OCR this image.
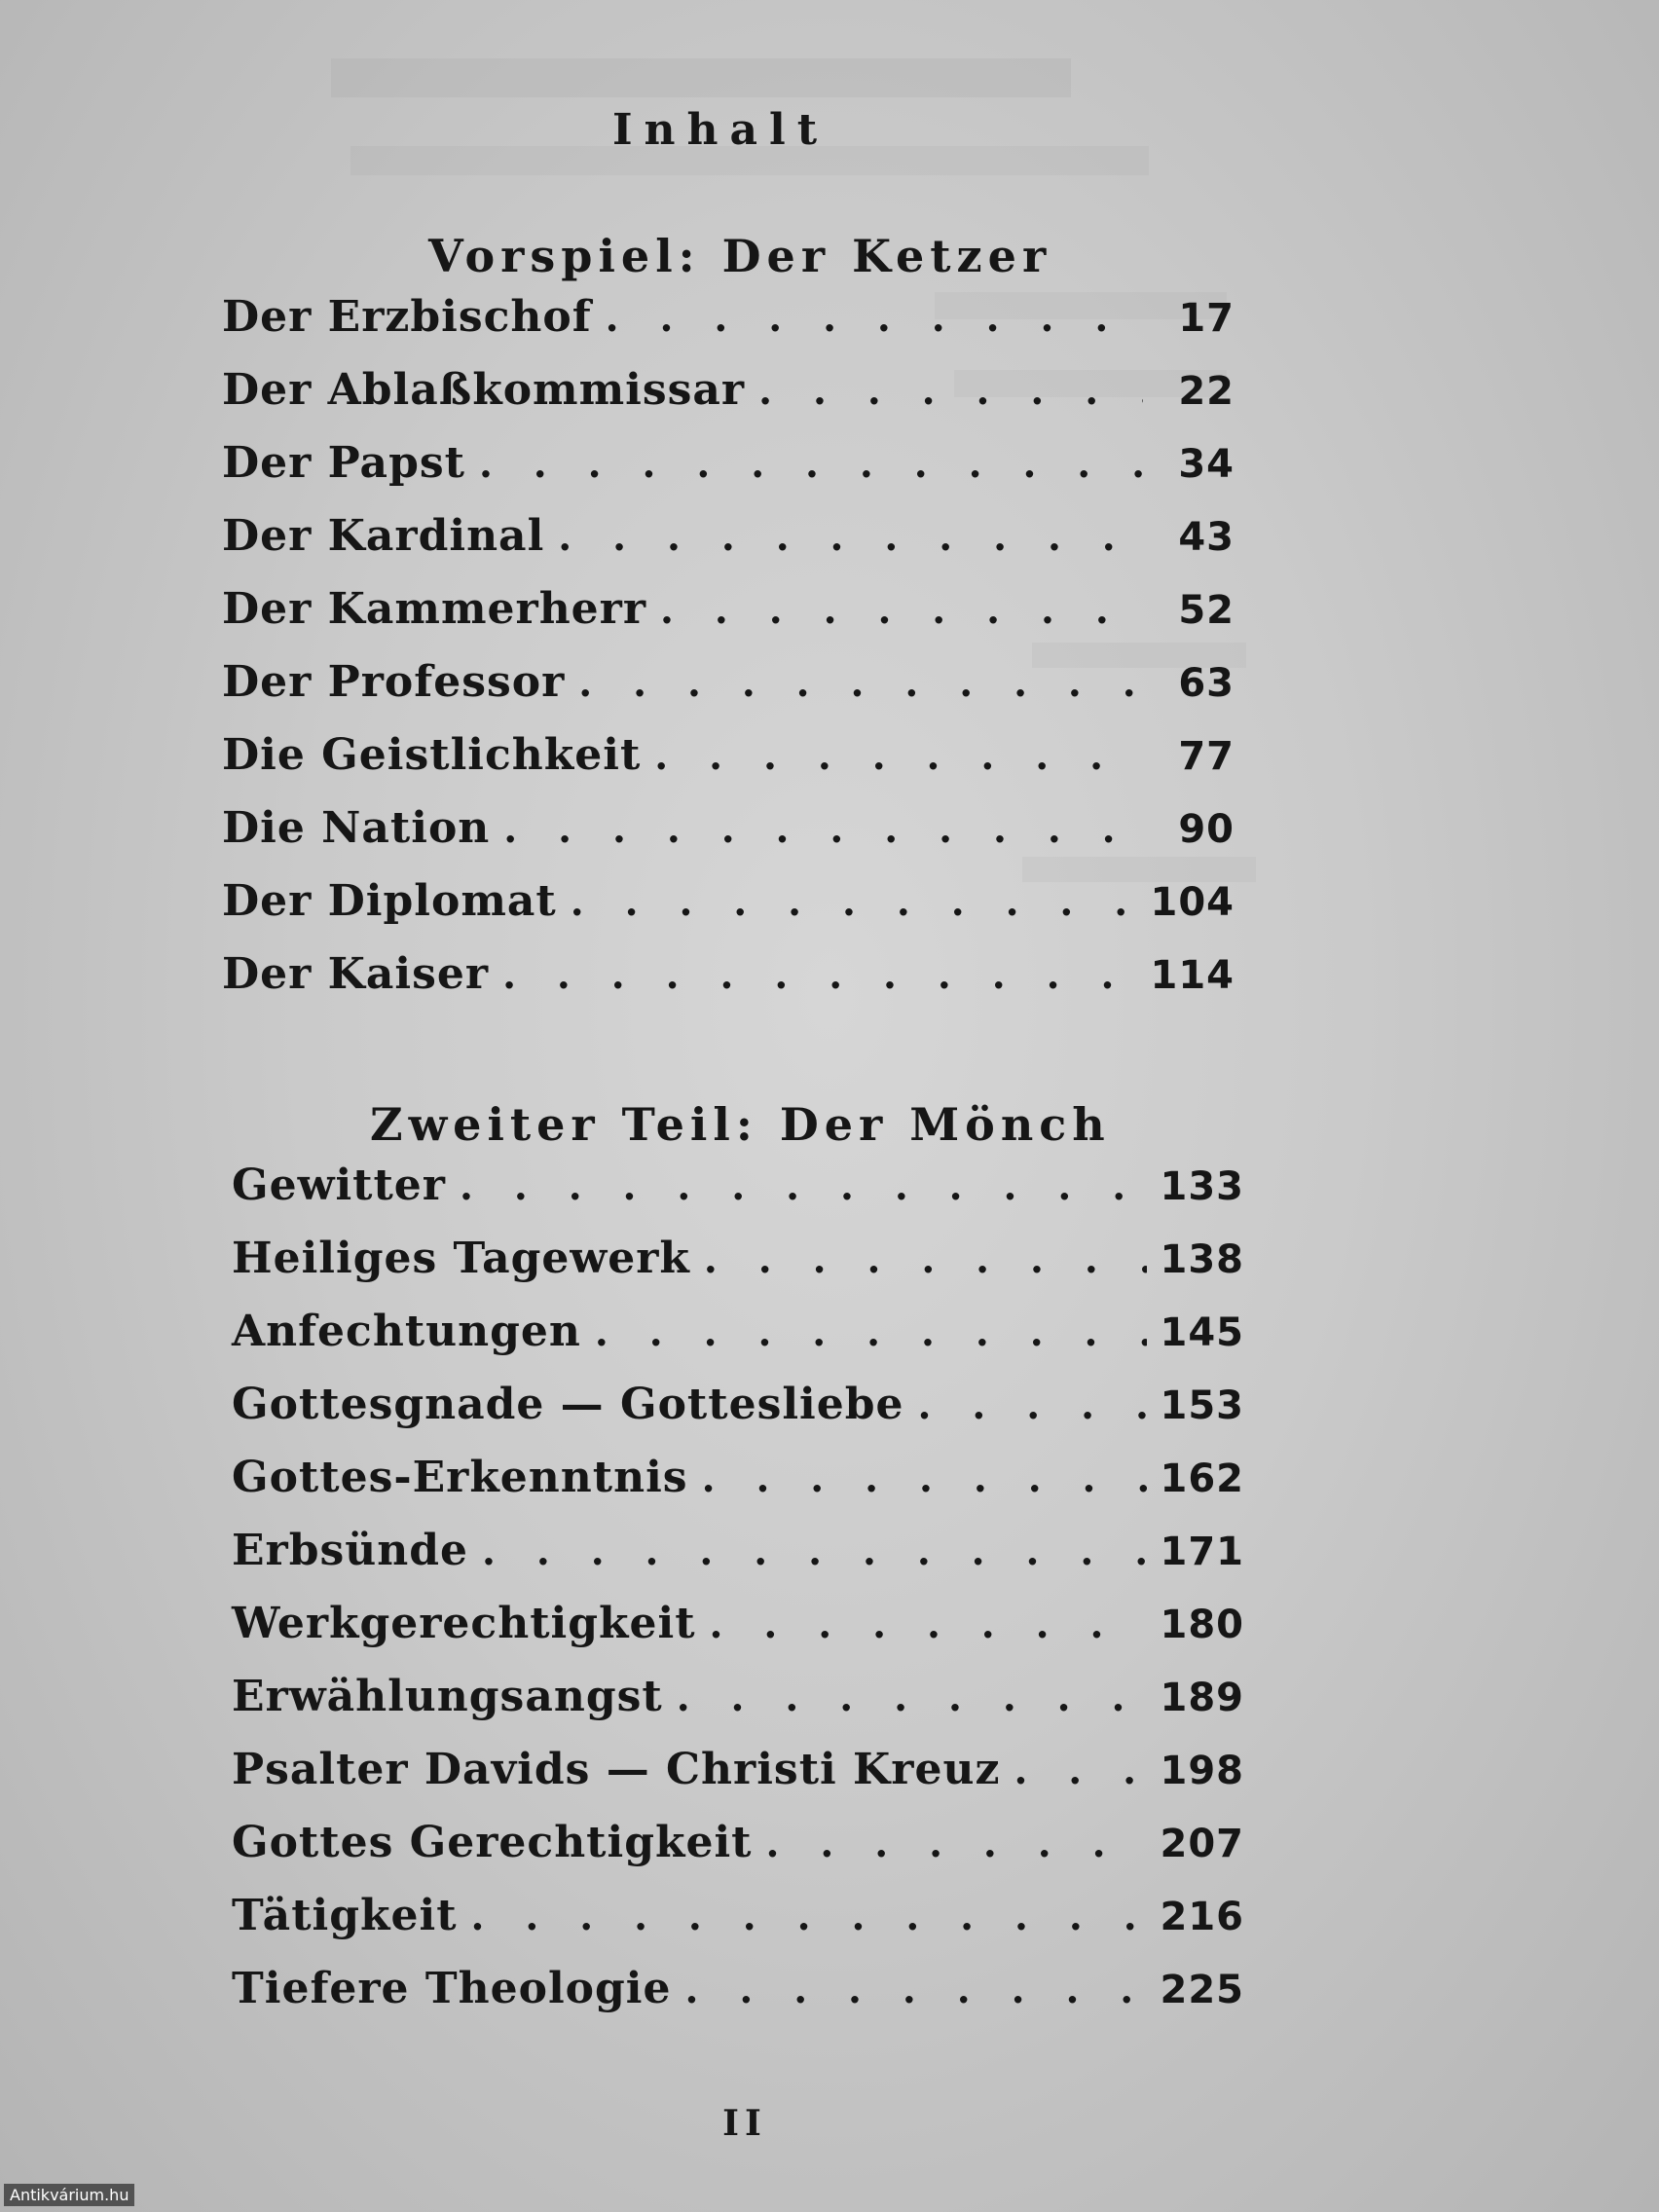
Inhalt
Vorspiel: Der Ketzer
Der Erzbischof . . .	17
Der Ablaßkommissar . . .	22
Der Papst . . .	34
Der Kardinal . . .	43
Der Kammerherr . . .	52
Der Professor . . .	63
Die Geistlichkeit . . .	77
Die Nation . . .	90
Der Diplomat . . .	104
Der Kaiser . . .	114
Zweiter Teil: Der Mönch
Gewitter . . .	133
Heiliges Tagewerk . . .	138
Anfechtungen . . .	145
Gottesgnade — Gottesliebe . . .	153
Gottes-Erkenntnis . . .	162
Erbsünde . . .	171
Werkgerechtigkeit . . .	180
Erwählungsangst . . .	189
Psalter Davids — Christi Kreuz . . .	198
Gottes Gerechtigkeit . . .	207
Tätigkeit . . .	216
Tiefere Theologie . . .	225
II
Antikvárium.hu
